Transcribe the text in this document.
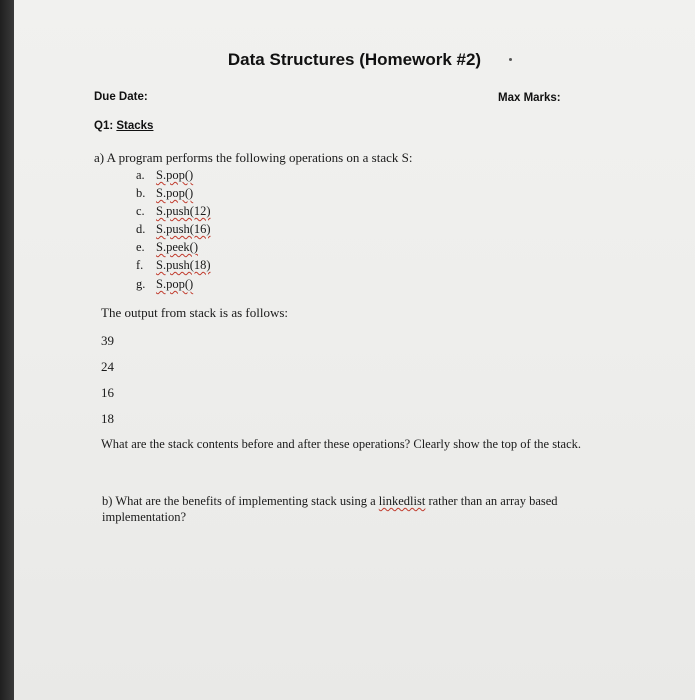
Data Structures (Homework #2)
Due Date:	Max Marks:
Q1: Stacks
a) A program performs the following operations on a stack S:
a. S.pop()
b. S.pop()
c. S.push(12)
d. S.push(16)
e. S.peek()
f. S.push(18)
g. S.pop()
The output from stack is as follows:
39
24
16
18
What are the stack contents before and after these operations? Clearly show the top of the stack.
b) What are the benefits of implementing stack using a linkedlist rather than an array based implementation?
